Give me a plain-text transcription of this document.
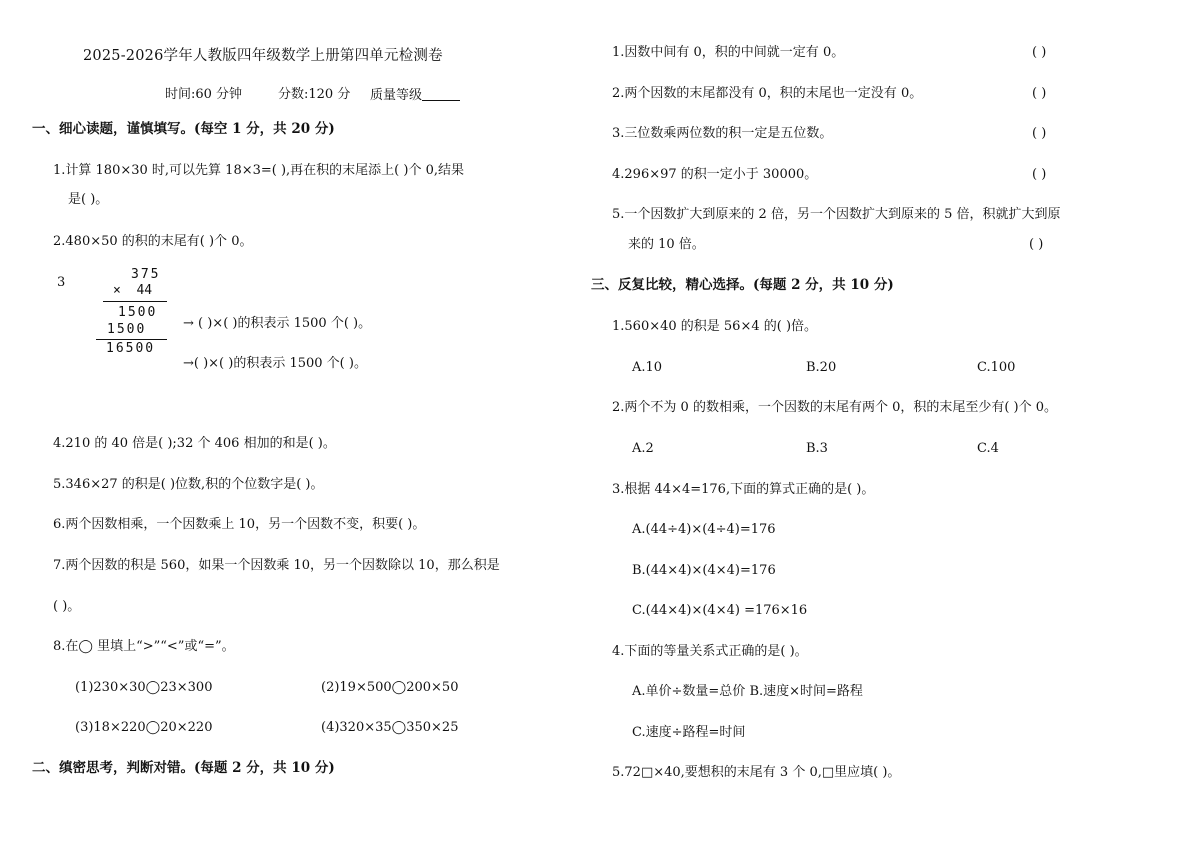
2025-2026学年人教版四年级数学上册第四单元检测卷
时间:60 分钟	分数:120 分 质量等级
一、细心读题，谨慎填写。(每空 1 分，共 20 分)
1.计算 180×30 时,可以先算 18×3=( ),再在积的末尾添上( )个 0,结果
是( )。
2.480×50 的积的末尾有( )个 0。
3
375
×  44
1500
1500
16500
→ ( )×( )的积表示 1500 个( )。
→( )×( )的积表示 1500 个( )。
4.210 的 40 倍是( );32 个 406 相加的和是( )。
5.346×27 的积是( )位数,积的个位数字是( )。
6.两个因数相乘，一个因数乘上 10，另一个因数不变，积要( )。
7.两个因数的积是 560，如果一个因数乘 10，另一个因数除以 10，那么积是
( )。
8.在◯ 里填上“>”“<”或“=”。
(1)230×30◯23×300	(2)19×500◯200×50
(3)18×220◯20×220	(4)320×35◯350×25
二、缜密思考，判断对错。(每题 2 分，共 10 分)
1.因数中间有 0，积的中间就一定有 0。	( )
2.两个因数的末尾都没有 0，积的末尾也一定没有 0。	( )
3.三位数乘两位数的积一定是五位数。	( )
4.296×97 的积一定小于 30000。	( )
5.一个因数扩大到原来的 2 倍，另一个因数扩大到原来的 5 倍，积就扩大到原
来的 10 倍。	( )
三、反复比较，精心选择。(每题 2 分，共 10 分)
1.560×40 的积是 56×4 的( )倍。
A.10	B.20	C.100
2.两个不为 0 的数相乘，一个因数的末尾有两个 0，积的末尾至少有( )个 0。
A.2	B.3	C.4
3.根据 44×4=176,下面的算式正确的是( )。
A.(44÷4)×(4÷4)=176
B.(44×4)×(4×4)=176
C.(44×4)×(4×4) =176×16
4.下面的等量关系式正确的是( )。
A.单价÷数量=总价 B.速度×时间=路程
C.速度÷路程=时间
5.72□×40,要想积的末尾有 3 个 0,□里应填( )。
